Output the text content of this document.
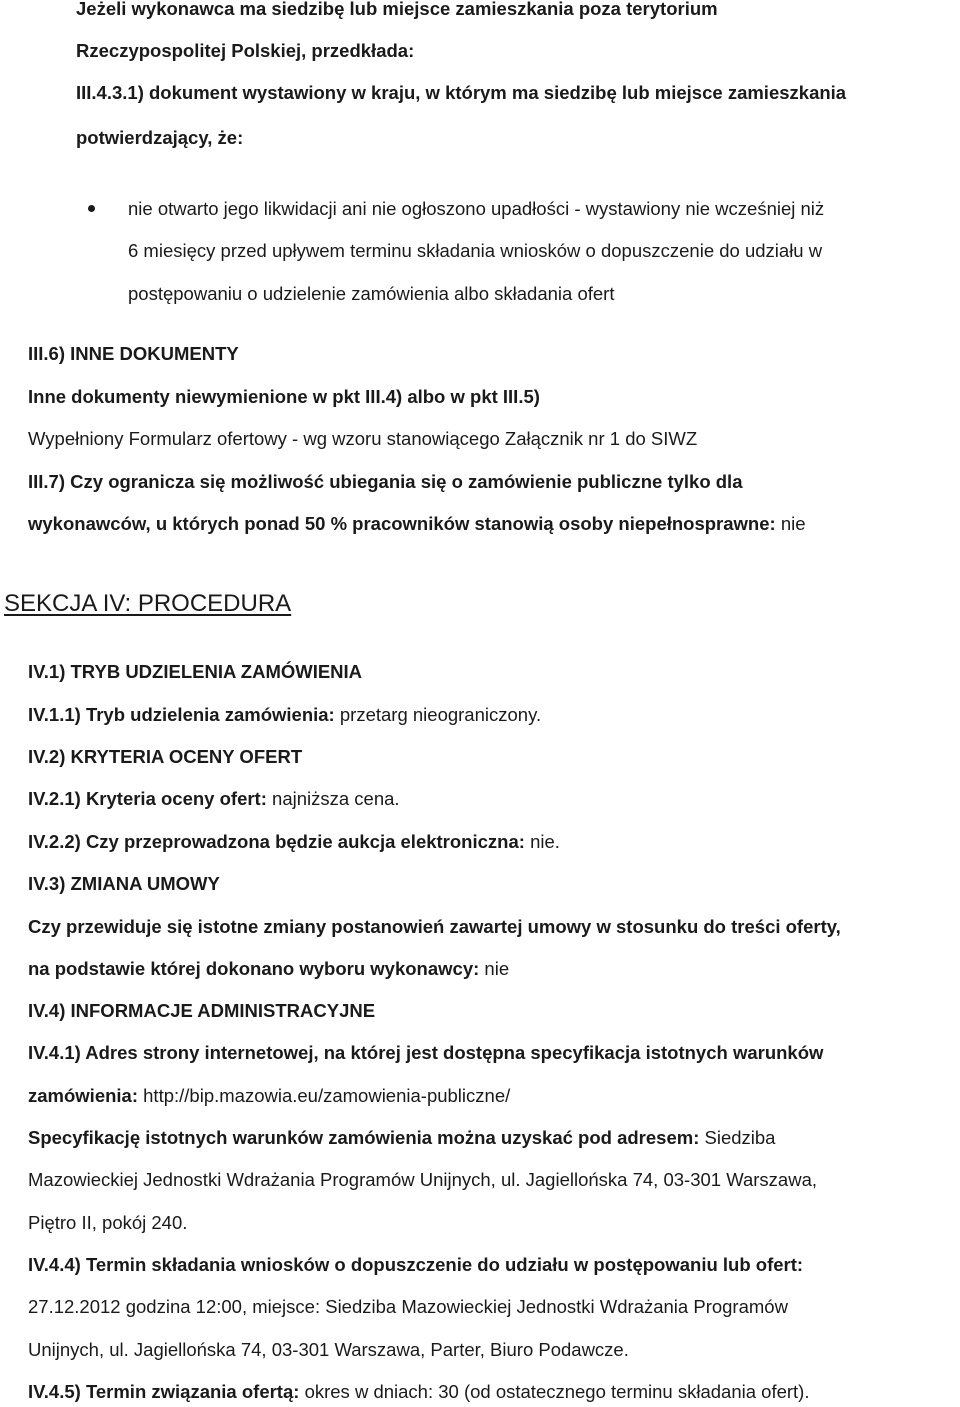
Jeżeli wykonawca ma siedzibę lub miejsce zamieszkania poza terytorium
Rzeczypospolitej Polskiej, przedkłada:
III.4.3.1) dokument wystawiony w kraju, w którym ma siedzibę lub miejsce zamieszkania
potwierdzający, że:
nie otwarto jego likwidacji ani nie ogłoszono upadłości - wystawiony nie wcześniej niż
6 miesięcy przed upływem terminu składania wniosków o dopuszczenie do udziału w
postępowaniu o udzielenie zamówienia albo składania ofert
III.6) INNE DOKUMENTY
Inne dokumenty niewymienione w pkt III.4) albo w pkt III.5)
Wypełniony Formularz ofertowy - wg wzoru stanowiącego Załącznik nr 1 do SIWZ
III.7) Czy ogranicza się możliwość ubiegania się o zamówienie publiczne tylko dla
wykonawców, u których ponad 50 % pracowników stanowią osoby niepełnosprawne: nie
SEKCJA IV: PROCEDURA
IV.1) TRYB UDZIELENIA ZAMÓWIENIA
IV.1.1) Tryb udzielenia zamówienia: przetarg nieograniczony.
IV.2) KRYTERIA OCENY OFERT
IV.2.1) Kryteria oceny ofert: najniższa cena.
IV.2.2) Czy przeprowadzona będzie aukcja elektroniczna: nie.
IV.3) ZMIANA UMOWY
Czy przewiduje się istotne zmiany postanowień zawartej umowy w stosunku do treści oferty,
na podstawie której dokonano wyboru wykonawcy: nie
IV.4) INFORMACJE ADMINISTRACYJNE
IV.4.1) Adres strony internetowej, na której jest dostępna specyfikacja istotnych warunków
zamówienia: http://bip.mazowia.eu/zamowienia-publiczne/
Specyfikację istotnych warunków zamówienia można uzyskać pod adresem: Siedziba
Mazowieckiej Jednostki Wdrażania Programów Unijnych, ul. Jagiellońska 74, 03-301 Warszawa,
Piętro II, pokój 240.
IV.4.4) Termin składania wniosków o dopuszczenie do udziału w postępowaniu lub ofert:
27.12.2012 godzina 12:00, miejsce: Siedziba Mazowieckiej Jednostki Wdrażania Programów
Unijnych, ul. Jagiellońska 74, 03-301 Warszawa, Parter, Biuro Podawcze.
IV.4.5) Termin związania ofertą: okres w dniach: 30 (od ostatecznego terminu składania ofert).
